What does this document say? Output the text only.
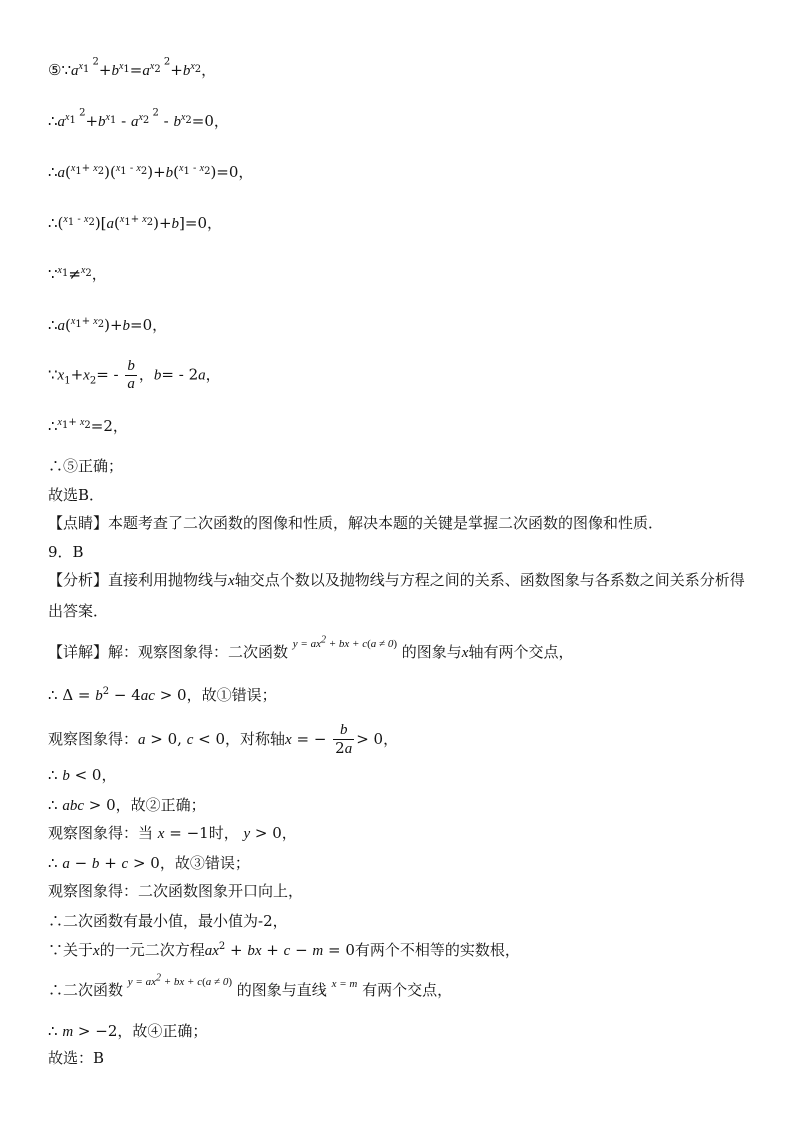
$⑤\because a^{x_1 ^2}+b^{x_1}=a^{x_2 ^2}+b^{x_2}$，
$\therefore a^{x_1 ^2}+b^{x_1} - a^{x_2 ^2} - b^{x_2}=0$，
∴a($^{x_1+ x_2}$)($^{x_1 - x_2}$)+b($^{x_1 - x_2}$)=0，
∴($^{x_1 - x_2}$)[a($^{x_1+ x_2}$)+b]=0，
∵$^{x_1}$≠$^{x_2}$，
∴a($^{x_1+ x_2}$)+b=0，
$\because x_1+x_2= - \frac{b}{a}$ ，b= - 2a，
∴$^{x_1+ x_2}$=2，
∴⑤正确；
故选B．
【点睛】本题考查了二次函数的图像和性质，解决本题的关键是掌握二次函数的图像和性质．
9．B
【分析】直接利用抛物线与x轴交点个数以及抛物线与方程之间的关系、函数图象与各系数之间关系分析得出答案．
【详解】解：观察图象得：二次函数 $^{y = ax^2 + bx + c(a \ne 0)}$ 的图象与x轴有两个交点，
∴ $\Delta = b^2 - 4ac > 0$，故①错误；
观察图象得：a > 0, c < 0，对称轴x = − $\frac{b}{2a} > 0$，
∴ b < 0，
∴ abc > 0，故②正确；
观察图象得：当 x = −1时， y > 0，
∴ a − b + c > 0，故③错误；
观察图象得：二次函数图象开口向上，
∴二次函数有最小值，最小值为-2，
∵关于x的一元二次方程$ax^2$ + bx + c − m = 0有两个不相等的实数根，
∴二次函数 $^{y = ax^2 + bx + c(a \ne 0)}$ 的图象与直线 $^{x = m}$ 有两个交点，
∴ m > −2，故④正确；
故选：B
